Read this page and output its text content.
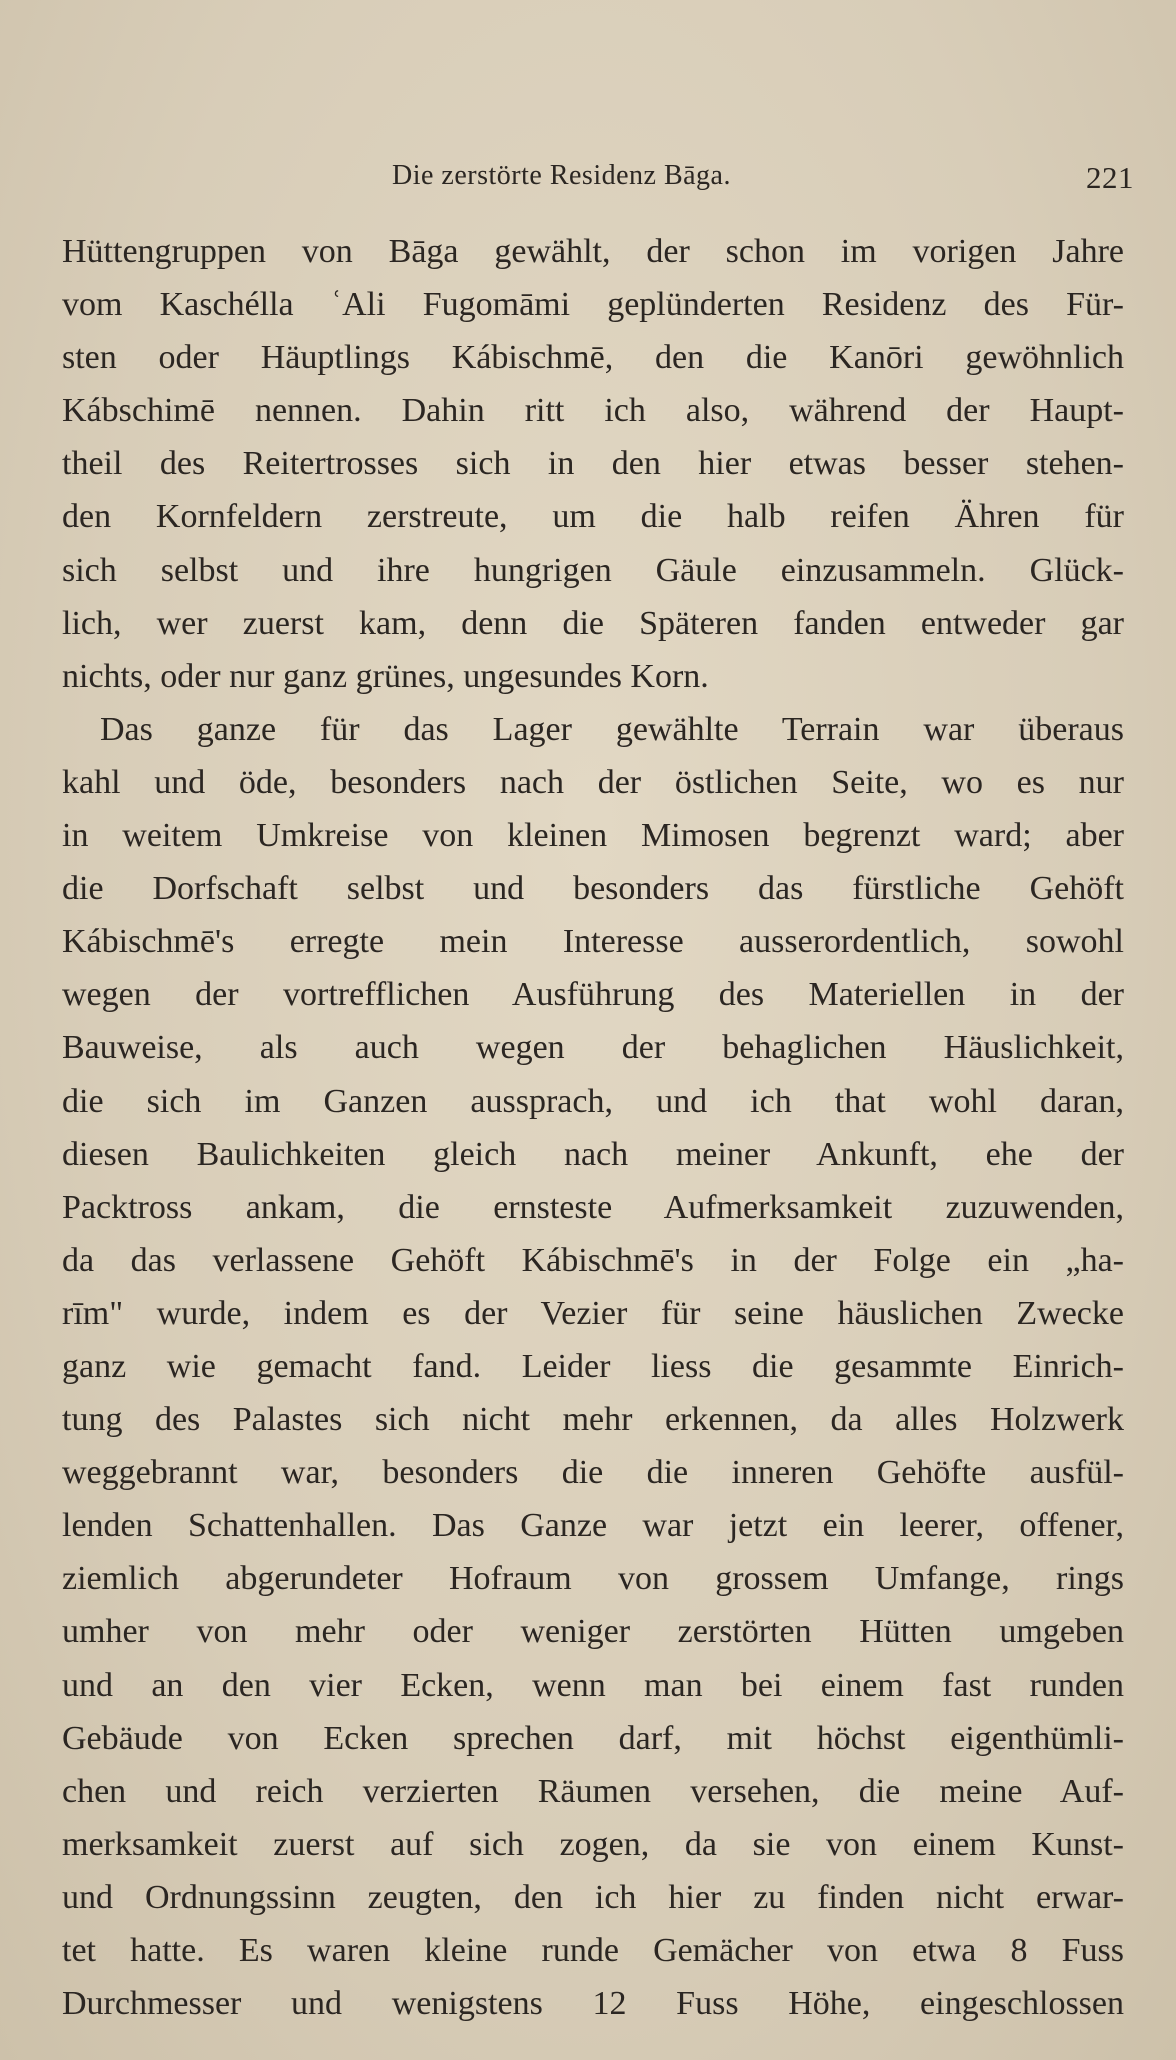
Die zerstörte Residenz Bāga.	221
Hüttengruppen von Bāga gewählt, der schon im vorigen Jahre
vom Kaschélla ʿAli Fugomāmi geplünderten Residenz des Für-
sten oder Häuptlings Kábischmē, den die Kanōri gewöhnlich
Kábschimē nennen. Dahin ritt ich also, während der Haupt-
theil des Reitertrosses sich in den hier etwas besser stehen-
den Kornfeldern zerstreute, um die halb reifen Ähren für
sich selbst und ihre hungrigen Gäule einzusammeln. Glück-
lich, wer zuerst kam, denn die Späteren fanden entweder gar
nichts, oder nur ganz grünes, ungesundes Korn.
Das ganze für das Lager gewählte Terrain war überaus
kahl und öde, besonders nach der östlichen Seite, wo es nur
in weitem Umkreise von kleinen Mimosen begrenzt ward; aber
die Dorfschaft selbst und besonders das fürstliche Gehöft
Kábischmē's erregte mein Interesse ausserordentlich, sowohl
wegen der vortrefflichen Ausführung des Materiellen in der
Bauweise, als auch wegen der behaglichen Häuslichkeit,
die sich im Ganzen aussprach, und ich that wohl daran,
diesen Baulichkeiten gleich nach meiner Ankunft, ehe der
Packtross ankam, die ernsteste Aufmerksamkeit zuzuwenden,
da das verlassene Gehöft Kábischmē's in der Folge ein „ha-
rīm" wurde, indem es der Vezier für seine häuslichen Zwecke
ganz wie gemacht fand. Leider liess die gesammte Einrich-
tung des Palastes sich nicht mehr erkennen, da alles Holzwerk
weggebrannt war, besonders die die inneren Gehöfte ausfül-
lenden Schattenhallen. Das Ganze war jetzt ein leerer, offener,
ziemlich abgerundeter Hofraum von grossem Umfange, rings
umher von mehr oder weniger zerstörten Hütten umgeben
und an den vier Ecken, wenn man bei einem fast runden
Gebäude von Ecken sprechen darf, mit höchst eigenthümli-
chen und reich verzierten Räumen versehen, die meine Auf-
merksamkeit zuerst auf sich zogen, da sie von einem Kunst-
und Ordnungssinn zeugten, den ich hier zu finden nicht erwar-
tet hatte. Es waren kleine runde Gemächer von etwa 8 Fuss
Durchmesser und wenigstens 12 Fuss Höhe, eingeschlossen
